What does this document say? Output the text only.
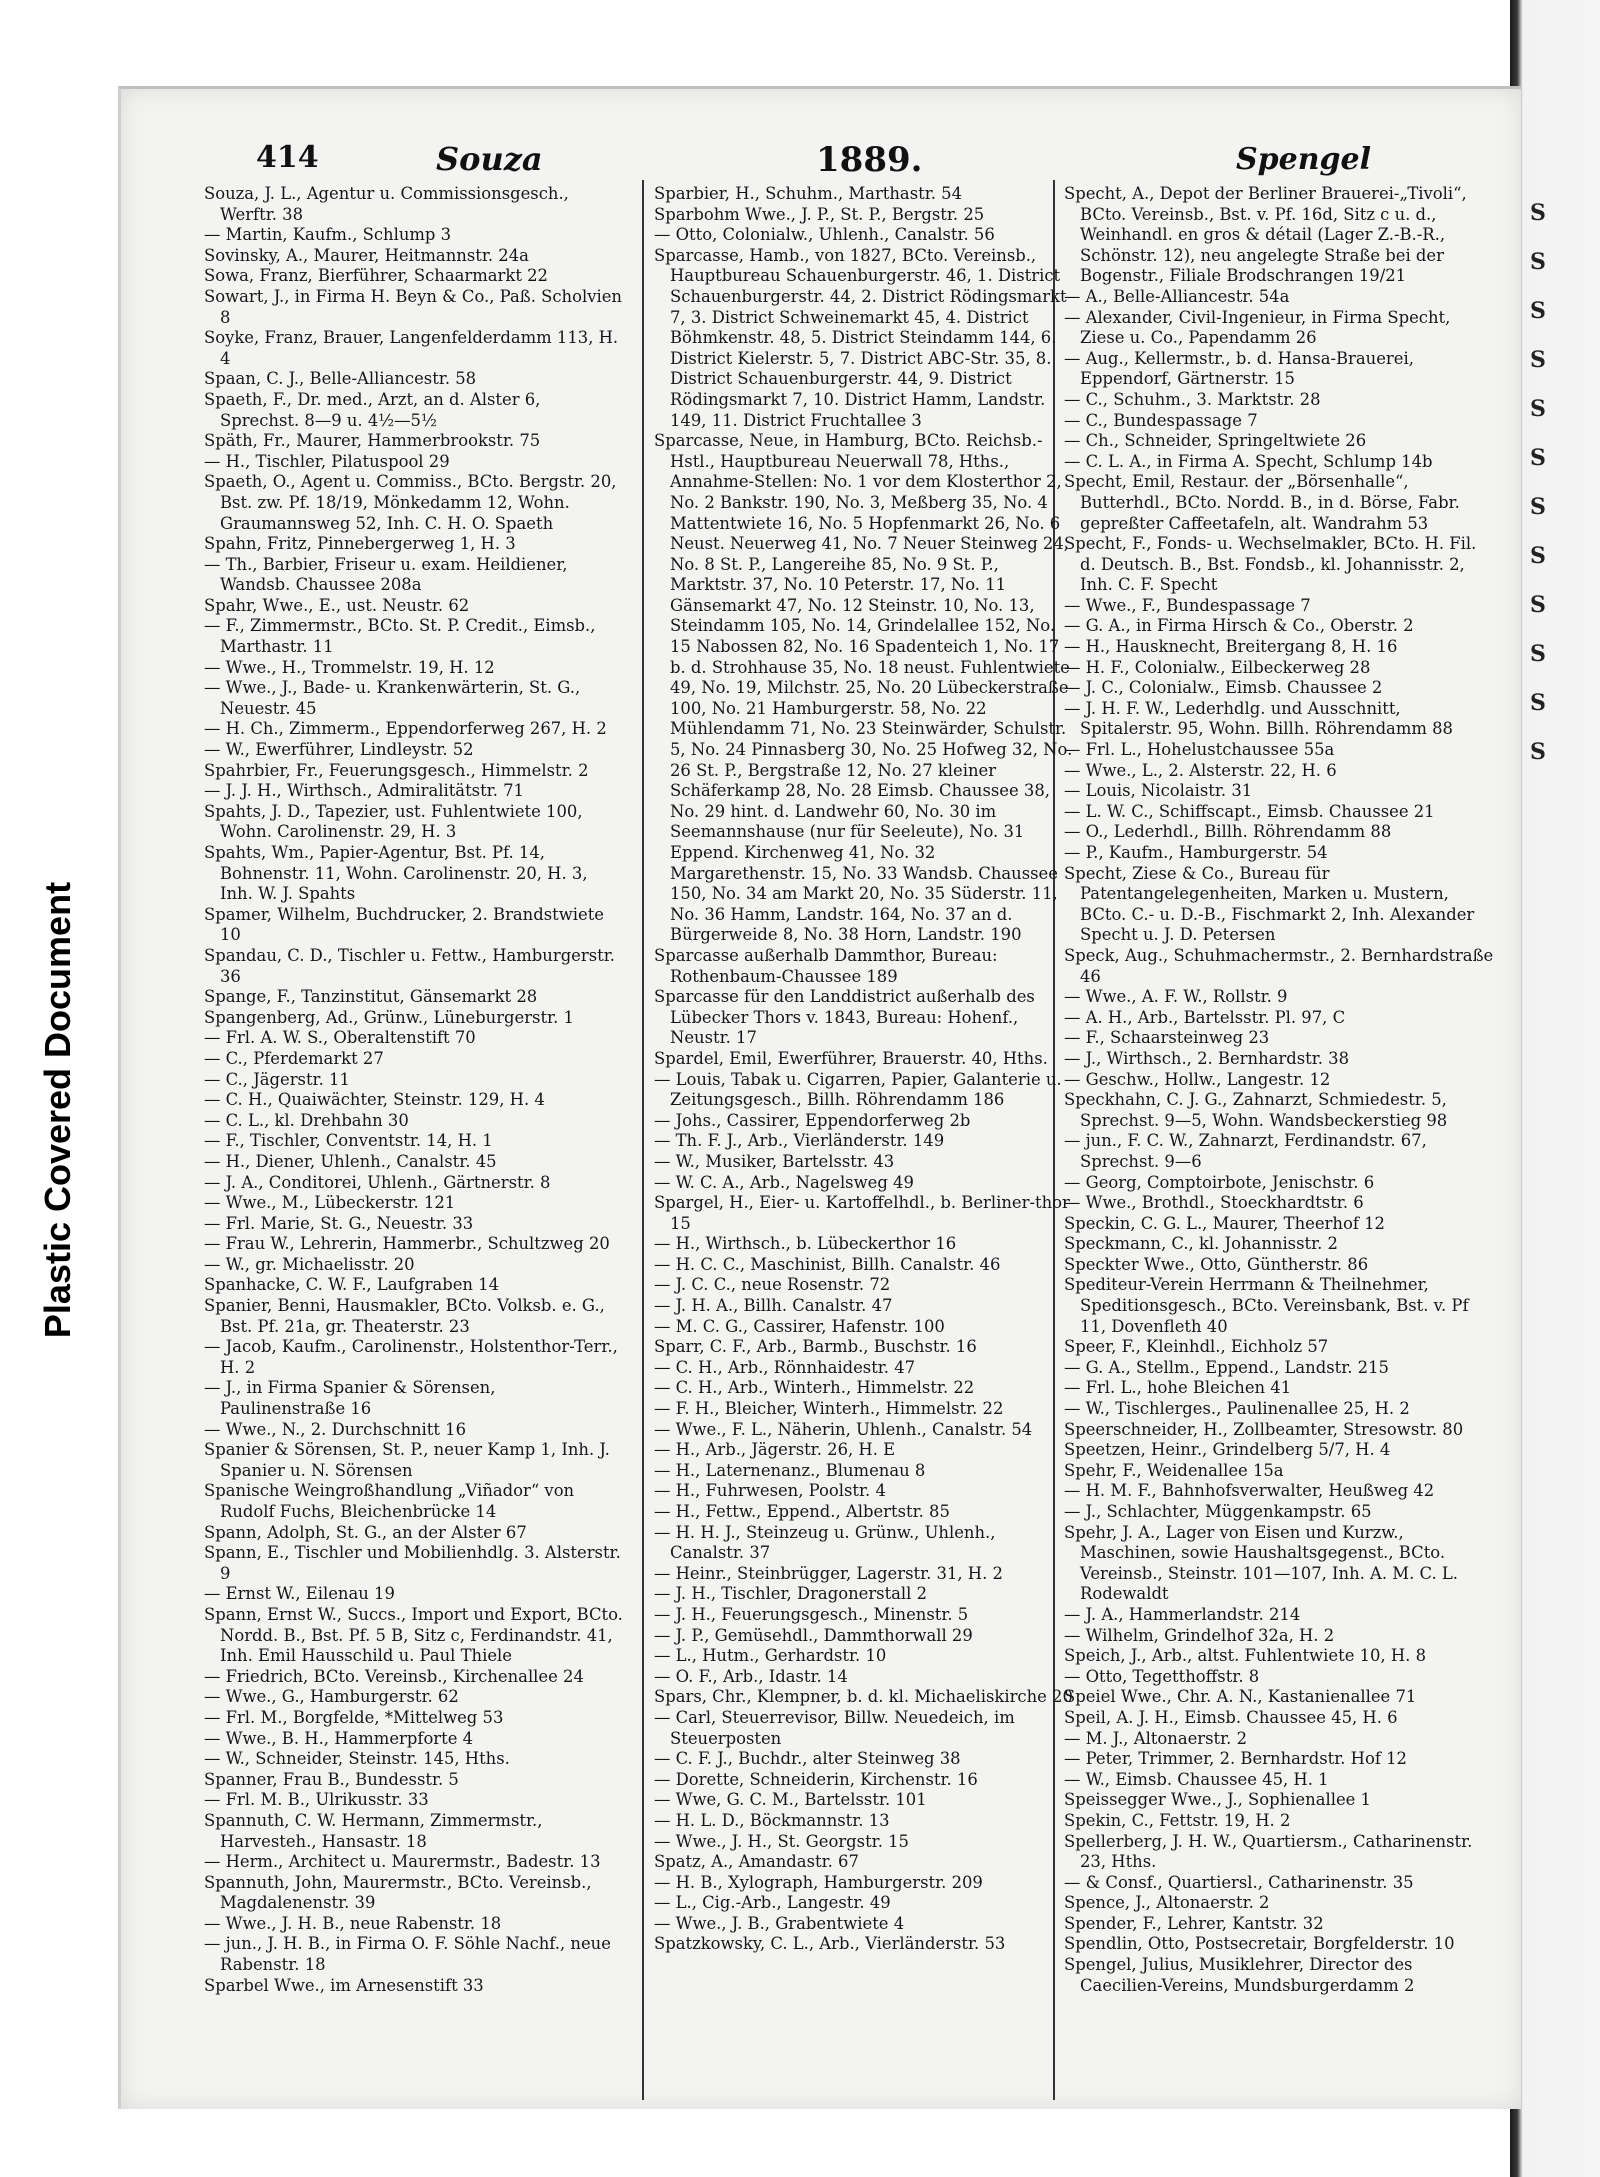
Plastic Covered Document
S
S
S
S
S
S
S
S
S
S
S
S
414	Souza	1889.	Spengel

Souza, J. L., Agentur u. Commissionsgesch., Werftr. 38

— Martin, Kaufm., Schlump 3

Sovinsky, A., Maurer, Heitmannstr. 24a

Sowa, Franz, Bierführer, Schaarmarkt 22

Sowart, J., in Firma H. Beyn & Co., Paß. Scholvien 8

Soyke, Franz, Brauer, Langenfelderdamm 113, H. 4

Spaan, C. J., Belle-Alliancestr. 58

Spaeth, F., Dr. med., Arzt, an d. Alster 6, Sprechst. 8—9 u. 4½—5½

Späth, Fr., Maurer, Hammerbrookstr. 75

— H., Tischler, Pilatuspool 29

Spaeth, O., Agent u. Commiss., BCto. Bergstr. 20, Bst. zw. Pf. 18/19, Mönkedamm 12, Wohn. Graumannsweg 52, Inh. C. H. O. Spaeth

Spahn, Fritz, Pinnebergerweg 1, H. 3

— Th., Barbier, Friseur u. exam. Heildiener, Wandsb. Chaussee 208a

Spahr, Wwe., E., ust. Neustr. 62

— F., Zimmermstr., BCto. St. P. Credit., Eimsb., Marthastr. 11

— Wwe., H., Trommelstr. 19, H. 12

— Wwe., J., Bade- u. Krankenwärterin, St. G., Neuestr. 45

— H. Ch., Zimmerm., Eppendorferweg 267, H. 2

— W., Ewerführer, Lindleystr. 52

Spahrbier, Fr., Feuerungsgesch., Himmelstr. 2

— J. J. H., Wirthsch., Admiralitätstr. 71

Spahts, J. D., Tapezier, ust. Fuhlentwiete 100, Wohn. Carolinenstr. 29, H. 3

Spahts, Wm., Papier-Agentur, Bst. Pf. 14, Bohnenstr. 11, Wohn. Carolinenstr. 20, H. 3, Inh. W. J. Spahts

Spamer, Wilhelm, Buchdrucker, 2. Brandstwiete 10

Spandau, C. D., Tischler u. Fettw., Hamburgerstr. 36

Spange, F., Tanzinstitut, Gänsemarkt 28

Spangenberg, Ad., Grünw., Lüneburgerstr. 1

— Frl. A. W. S., Oberaltenstift 70

— C., Pferdemarkt 27

— C., Jägerstr. 11

— C. H., Quaiwächter, Steinstr. 129, H. 4

— C. L., kl. Drehbahn 30

— F., Tischler, Conventstr. 14, H. 1

— H., Diener, Uhlenh., Canalstr. 45

— J. A., Conditorei, Uhlenh., Gärtnerstr. 8

— Wwe., M., Lübeckerstr. 121

— Frl. Marie, St. G., Neuestr. 33

— Frau W., Lehrerin, Hammerbr., Schultzweg 20

— W., gr. Michaelisstr. 20

Spanhacke, C. W. F., Laufgraben 14

Spanier, Benni, Hausmakler, BCto. Volksb. e. G., Bst. Pf. 21a, gr. Theaterstr. 23

— Jacob, Kaufm., Carolinenstr., Holstenthor-Terr., H. 2

— J., in Firma Spanier & Sörensen, Paulinenstraße 16

— Wwe., N., 2. Durchschnitt 16

Spanier & Sörensen, St. P., neuer Kamp 1, Inh. J. Spanier u. N. Sörensen

Spanische Weingroßhandlung „Viñador“ von Rudolf Fuchs, Bleichenbrücke 14

Spann, Adolph, St. G., an der Alster 67

Spann, E., Tischler und Mobilienhdlg. 3. Alsterstr. 9

— Ernst W., Eilenau 19

Spann, Ernst W., Succs., Import und Export, BCto. Nordd. B., Bst. Pf. 5 B, Sitz c, Ferdinandstr. 41, Inh. Emil Hausschild u. Paul Thiele

— Friedrich, BCto. Vereinsb., Kirchenallee 24

— Wwe., G., Hamburgerstr. 62

— Frl. M., Borgfelde, *Mittelweg 53

— Wwe., B. H., Hammerpforte 4

— W., Schneider, Steinstr. 145, Hths.

Spanner, Frau B., Bundesstr. 5

— Frl. M. B., Ulrikusstr. 33

Spannuth, C. W. Hermann, Zimmermstr., Harvestеh., Hansastr. 18

— Herm., Architect u. Maurermstr., Badestr. 13

Spannuth, John, Maurermstr., BCto. Vereinsb., Magdalenenstr. 39

— Wwe., J. H. B., neue Rabenstr. 18

— jun., J. H. B., in Firma O. F. Söhle Nachf., neue Rabenstr. 18

Sparbel Wwe., im Arnesenstift 33

Sparbier, H., Schuhm., Marthastr. 54

Sparbohm Wwe., J. P., St. P., Bergstr. 25

— Otto, Colonialw., Uhlenh., Canalstr. 56

Sparcasse, Hamb., von 1827, BCto. Vereinsb., Hauptbureau Schauenburgerstr. 46, 1. District Schauenburgerstr. 44, 2. District Rödingsmarkt 7, 3. District Schweinemarkt 45, 4. District Böhmkenstr. 48, 5. District Steindamm 144, 6. District Kielerstr. 5, 7. District ABC-Str. 35, 8. District Schauenburgerstr. 44, 9. District Rödingsmarkt 7, 10. District Hamm, Landstr. 149, 11. District Fruchtallee 3

Sparcasse, Neue, in Hamburg, BCto. Reichsb.-Hstl., Hauptbureau Neuerwall 78, Hths., Annahme-Stellen: No. 1 vor dem Klosterthor 2, No. 2 Bankstr. 190, No. 3, Meßberg 35, No. 4 Mattentwiete 16, No. 5 Hopfenmarkt 26, No. 6 Neust. Neuerweg 41, No. 7 Neuer Steinweg 24, No. 8 St. P., Langereihe 85, No. 9 St. P., Marktstr. 37, No. 10 Peterstr. 17, No. 11 Gänsemarkt 47, No. 12 Steinstr. 10, No. 13, Steindamm 105, No. 14, Grindelallee 152, No. 15 Nabossen 82, No. 16 Spadenteich 1, No. 17 b. d. Strohhause 35, No. 18 neust. Fuhlentwiete 49, No. 19, Milchstr. 25, No. 20 Lübeckerstraße 100, No. 21 Hamburgerstr. 58, No. 22 Mühlendamm 71, No. 23 Steinwärder, Schulstr. 5, No. 24 Pinnasberg 30, No. 25 Hofweg 32, No. 26 St. P., Bergstraße 12, No. 27 kleiner Schäferkamp 28, No. 28 Eimsb. Chaussee 38, No. 29 hint. d. Landwehr 60, No. 30 im Seemannshause (nur für Seeleute), No. 31 Eppend. Kirchenweg 41, No. 32 Margarethenstr. 15, No. 33 Wandsb. Chaussee 150, No. 34 am Markt 20, No. 35 Süderstr. 11, No. 36 Hamm, Landstr. 164, No. 37 an d. Bürgerweide 8, No. 38 Horn, Landstr. 190

Sparcasse außerhalb Dammthor, Bureau: Rothenbaum-Chaussee 189

Sparcasse für den Landdistrict außerhalb des Lübecker Thors v. 1843, Bureau: Hohenf., Neustr. 17

Spardel, Emil, Ewerführer, Brauerstr. 40, Hths.

— Louis, Tabak u. Cigarren, Papier, Galanterie u. Zeitungsgesch., Billh. Röhrendamm 186

— Johs., Cassirer, Eppendorferweg 2b

— Th. F. J., Arb., Vierländerstr. 149

— W., Musiker, Bartelsstr. 43

— W. C. A., Arb., Nagelsweg 49

Spargel, H., Eier- u. Kartoffelhdl., b. Berliner-thor 15

— H., Wirthsch., b. Lübeckerthor 16

— H. C. C., Maschinist, Billh. Canalstr. 46

— J. C. C., neue Rosenstr. 72

— J. H. A., Billh. Canalstr. 47

— M. C. G., Cassirer, Hafenstr. 100

Sparr, C. F., Arb., Barmb., Buschstr. 16

— C. H., Arb., Rönnhaidestr. 47

— C. H., Arb., Winterh., Himmelstr. 22

— F. H., Bleicher, Winterh., Himmelstr. 22

— Wwe., F. L., Näherin, Uhlenh., Canalstr. 54

— H., Arb., Jägerstr. 26, H. E

— H., Laternenanz., Blumenau 8

— H., Fuhrwesen, Poolstr. 4

— H., Fettw., Eppend., Albertstr. 85

— H. H. J., Steinzeug u. Grünw., Uhlenh., Canalstr. 37

— Heinr., Steinbrügger, Lagerstr. 31, H. 2

— J. H., Tischler, Dragonerstall 2

— J. H., Feuerungsgesch., Minenstr. 5

— J. P., Gemüsehdl., Dammthorwall 29

— L., Hutm., Gerhardstr. 10

— O. F., Arb., Idastr. 14

Spars, Chr., Klempner, b. d. kl. Michaeliskirche 20

— Carl, Steuerrevisor, Billw. Neuedeich, im Steuerposten

— C. F. J., Buchdr., alter Steinweg 38

— Dorette, Schneiderin, Kirchenstr. 16

— Wwe, G. C. M., Bartelsstr. 101

— H. L. D., Böckmannstr. 13

— Wwe., J. H., St. Georgstr. 15

Spatz, A., Amandastr. 67

— H. B., Xylograph, Hamburgerstr. 209

— L., Cig.-Arb., Langestr. 49

— Wwe., J. B., Grabentwiete 4

Spatzkowsky, C. L., Arb., Vierländerstr. 53

Specht, A., Depot der Berliner Brauerei-„Tivoli“, BCto. Vereinsb., Bst. v. Pf. 16d, Sitz c u. d., Weinhandl. en gros & détail (Lager Z.-B.-R., Schönstr. 12), neu angelegte Straße bei der Bogenstr., Filiale Brodschrangen 19/21

— A., Belle-Alliancestr. 54a

— Alexander, Civil-Ingenieur, in Firma Specht, Ziese u. Co., Papendamm 26

— Aug., Kellermstr., b. d. Hansa-Brauerei, Eppendorf, Gärtnerstr. 15

— C., Schuhm., 3. Marktstr. 28

— C., Bundespassage 7

— Ch., Schneider, Springeltwiete 26

— C. L. A., in Firma A. Specht, Schlump 14b

Specht, Emil, Restaur. der „Börsenhalle“, Butterhdl., BCto. Nordd. B., in d. Börse, Fabr. gepreßter Caffeetafeln, alt. Wandrahm 53

Specht, F., Fonds- u. Wechselmakler, BCto. H. Fil. d. Deutsch. B., Bst. Fondsb., kl. Johannisstr. 2, Inh. C. F. Specht

— Wwe., F., Bundespassage 7

— G. A., in Firma Hirsch & Co., Oberstr. 2

— H., Hausknecht, Breitergang 8, H. 16

— H. F., Colonialw., Eilbeckerweg 28

— J. C., Colonialw., Eimsb. Chaussee 2

— J. H. F. W., Lederhdlg. und Ausschnitt, Spitalerstr. 95, Wohn. Billh. Röhrendamm 88

— Frl. L., Hohelustchaussee 55a

— Wwe., L., 2. Alsterstr. 22, H. 6

— Louis, Nicolaistr. 31

— L. W. C., Schiffscapt., Eimsb. Chaussee 21

— O., Lederhdl., Billh. Röhrendamm 88

— P., Kaufm., Hamburgerstr. 54

Specht, Ziese & Co., Bureau für Patentangelegenheiten, Marken u. Mustern, BCto. C.- u. D.-B., Fischmarkt 2, Inh. Alexander Specht u. J. D. Petersen

Speck, Aug., Schuhmachermstr., 2. Bernhardstraße 46

— Wwe., A. F. W., Rollstr. 9

— A. H., Arb., Bartelsstr. Pl. 97, C

— F., Schaarsteinweg 23

— J., Wirthsch., 2. Bernhardstr. 38

— Geschw., Hollw., Langestr. 12

Speckhahn, C. J. G., Zahnarzt, Schmiedestr. 5, Sprechst. 9—5, Wohn. Wandsbeckerstieg 98

— jun., F. C. W., Zahnarzt, Ferdinandstr. 67, Sprechst. 9—6

— Georg, Comptoirbote, Jenischstr. 6

— Wwe., Brothdl., Stoeckhardtstr. 6

Speckin, C. G. L., Maurer, Theerhof 12

Speckmann, C., kl. Johannisstr. 2

Speckter Wwe., Otto, Güntherstr. 86

Spediteur-Verein Herrmann & Theilnehmer, Speditionsgesch., BCto. Vereinsbank, Bst. v. Pf 11, Dovenfleth 40

Speer, F., Kleinhdl., Eichholz 57

— G. A., Stellm., Eppend., Landstr. 215

— Frl. L., hohe Bleichen 41

— W., Tischlerges., Paulinenallee 25, H. 2

Speerschneider, H., Zollbeamter, Stresowstr. 80

Speetzen, Heinr., Grindelberg 5/7, H. 4

Spehr, F., Weidenallee 15a

— H. M. F., Bahnhofsverwalter, Heußweg 42

— J., Schlachter, Müggenkampstr. 65

Spehr, J. A., Lager von Eisen und Kurzw., Maschinen, sowie Haushaltsgegenst., BCto. Vereinsb., Steinstr. 101—107, Inh. A. M. C. L. Rodewaldt

— J. A., Hammerlandstr. 214

— Wilhelm, Grindelhof 32a, H. 2

Speich, J., Arb., altst. Fuhlentwiete 10, H. 8

— Otto, Tegetthoffstr. 8

Speiel Wwe., Chr. A. N., Kastanienallee 71

Speil, A. J. H., Eimsb. Chaussee 45, H. 6

— M. J., Altonaerstr. 2

— Peter, Trimmer, 2. Bernhardstr. Hof 12

— W., Eimsb. Chaussee 45, H. 1

Speissegger Wwe., J., Sophienallee 1

Spekin, C., Fettstr. 19, H. 2

Spellerberg, J. H. W., Quartiersm., Catharinenstr. 23, Hths.

— & Consf., Quartiersl., Catharinenstr. 35

Spence, J., Altonaerstr. 2

Spender, F., Lehrer, Kantstr. 32

Spendlin, Otto, Postsecretair, Borgfelderstr. 10

Spengel, Julius, Musiklehrer, Director des Caecilien-Vereins, Mundsburgerdamm 2
